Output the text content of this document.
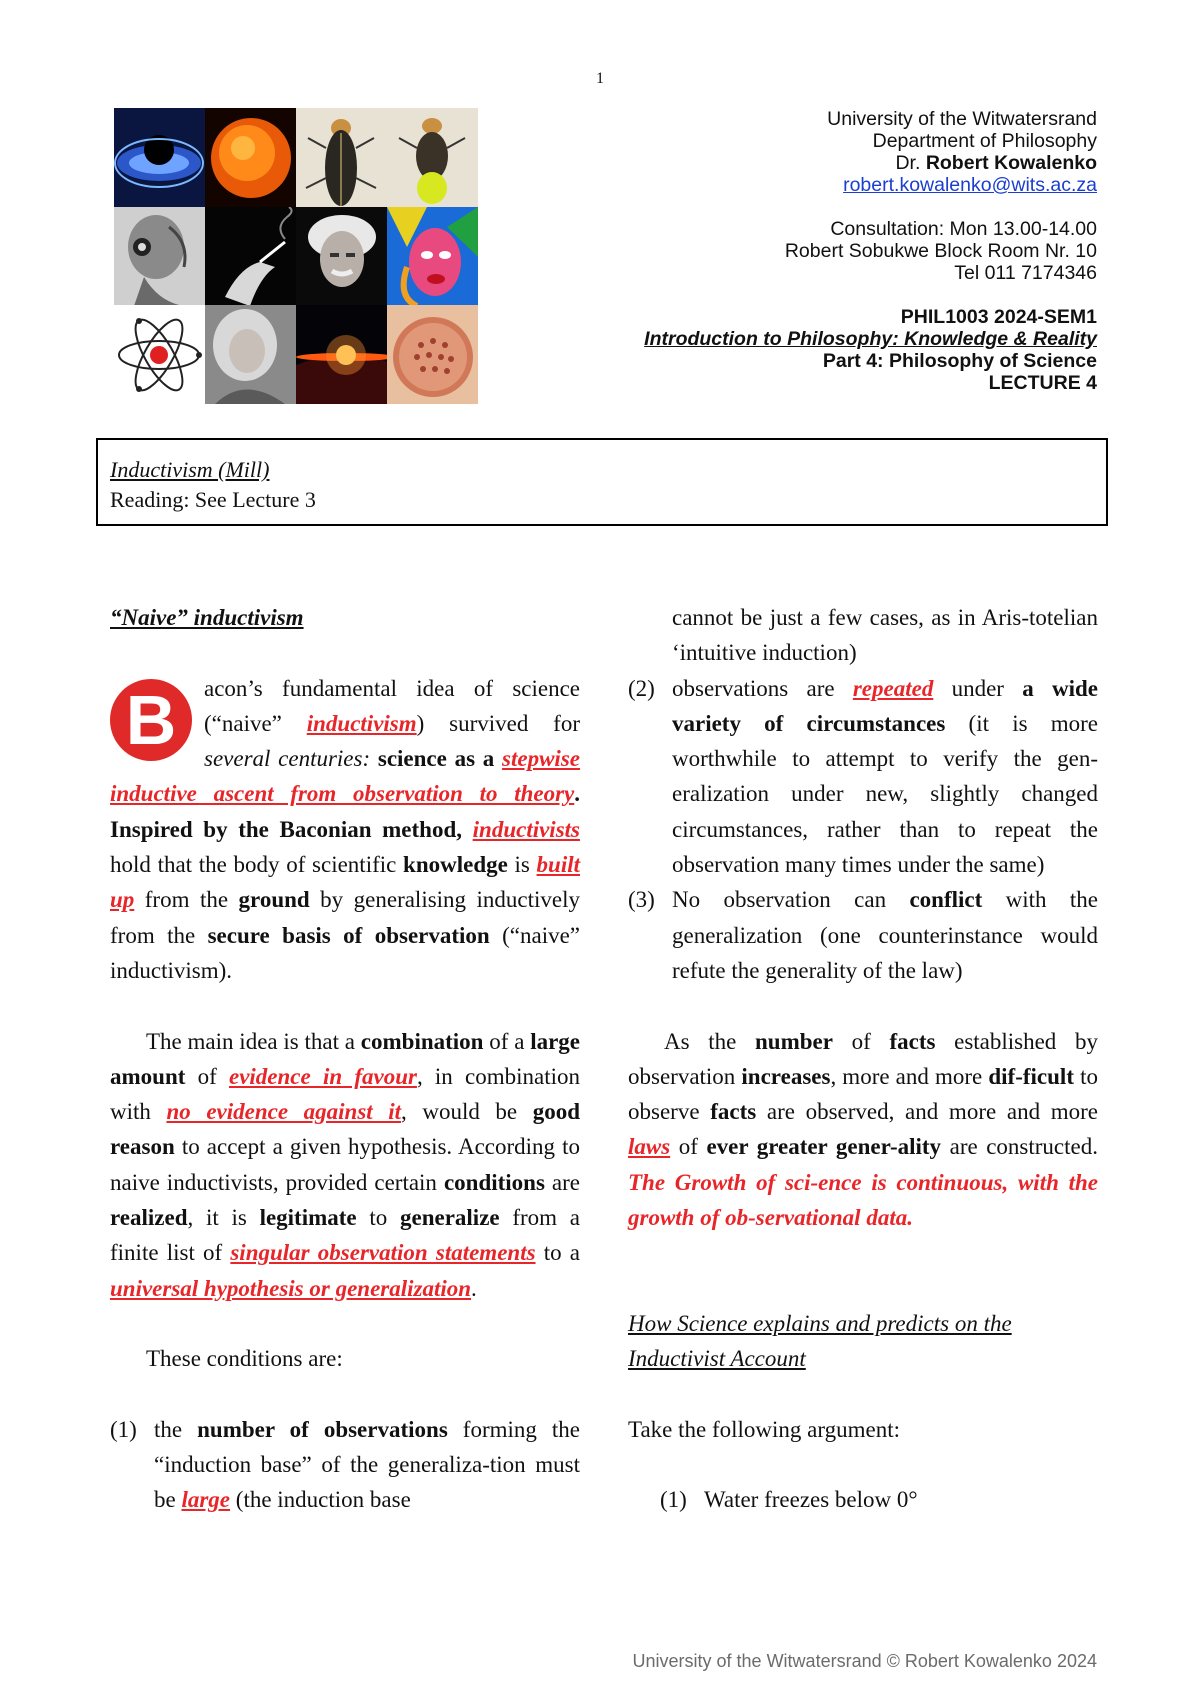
1
University of the Witwatersrand
Department of Philosophy
Dr. Robert Kowalenko
robert.kowalenko@wits.ac.za
Consultation: Mon 13.00-14.00
Robert Sobukwe Block Room Nr. 10
Tel 011 7174346
PHIL1003 2024-SEM1
Introduction to Philosophy: Knowledge & Reality
Part 4: Philosophy of Science
LECTURE 4
Inductivism (Mill)
Reading: See Lecture 3

“Naive” inductivism

B	acon’s fundamental idea of science (“naive” inductivism) survived for several centuries: science as a stepwise inductive ascent from observation to theory. Inspired by the Baconian method, inductivists hold that the body of scientific knowledge is built up from the ground by generalising inductively from the secure basis of observation (“naive” inductivism).

The main idea is that a combination of a large amount of evidence in favour, in combination with no evidence against it, would be good reason to accept a given hypothesis. According to naive inductivists, provided certain conditions are realized, it is legitimate to generalize from a finite list of singular observation statements to a universal hypothesis or generalization.

These conditions are:

(1) the number of observations forming the “induction base” of the generaliza-tion must be large (the induction base

cannot be just a few cases, as in Aris-totelian ‘intuitive induction)

(2) observations are repeated under a wide variety of circumstances (it is more worthwhile to attempt to verify the gen-eralization under new, slightly changed circumstances, rather than to repeat the observation many times under the same)
(3) No observation can conflict with the generalization (one counterinstance would refute the generality of the law)

As the number of facts established by observation increases, more and more dif-ficult to observe facts are observed, and more and more laws of ever greater gener-ality are constructed. The Growth of sci-ence is continuous, with the growth of ob-servational data.

How Science explains and predicts on the Inductivist Account

Take the following argument:

(1) Water freezes below 0°
University of the Witwatersrand © Robert Kowalenko 2024
